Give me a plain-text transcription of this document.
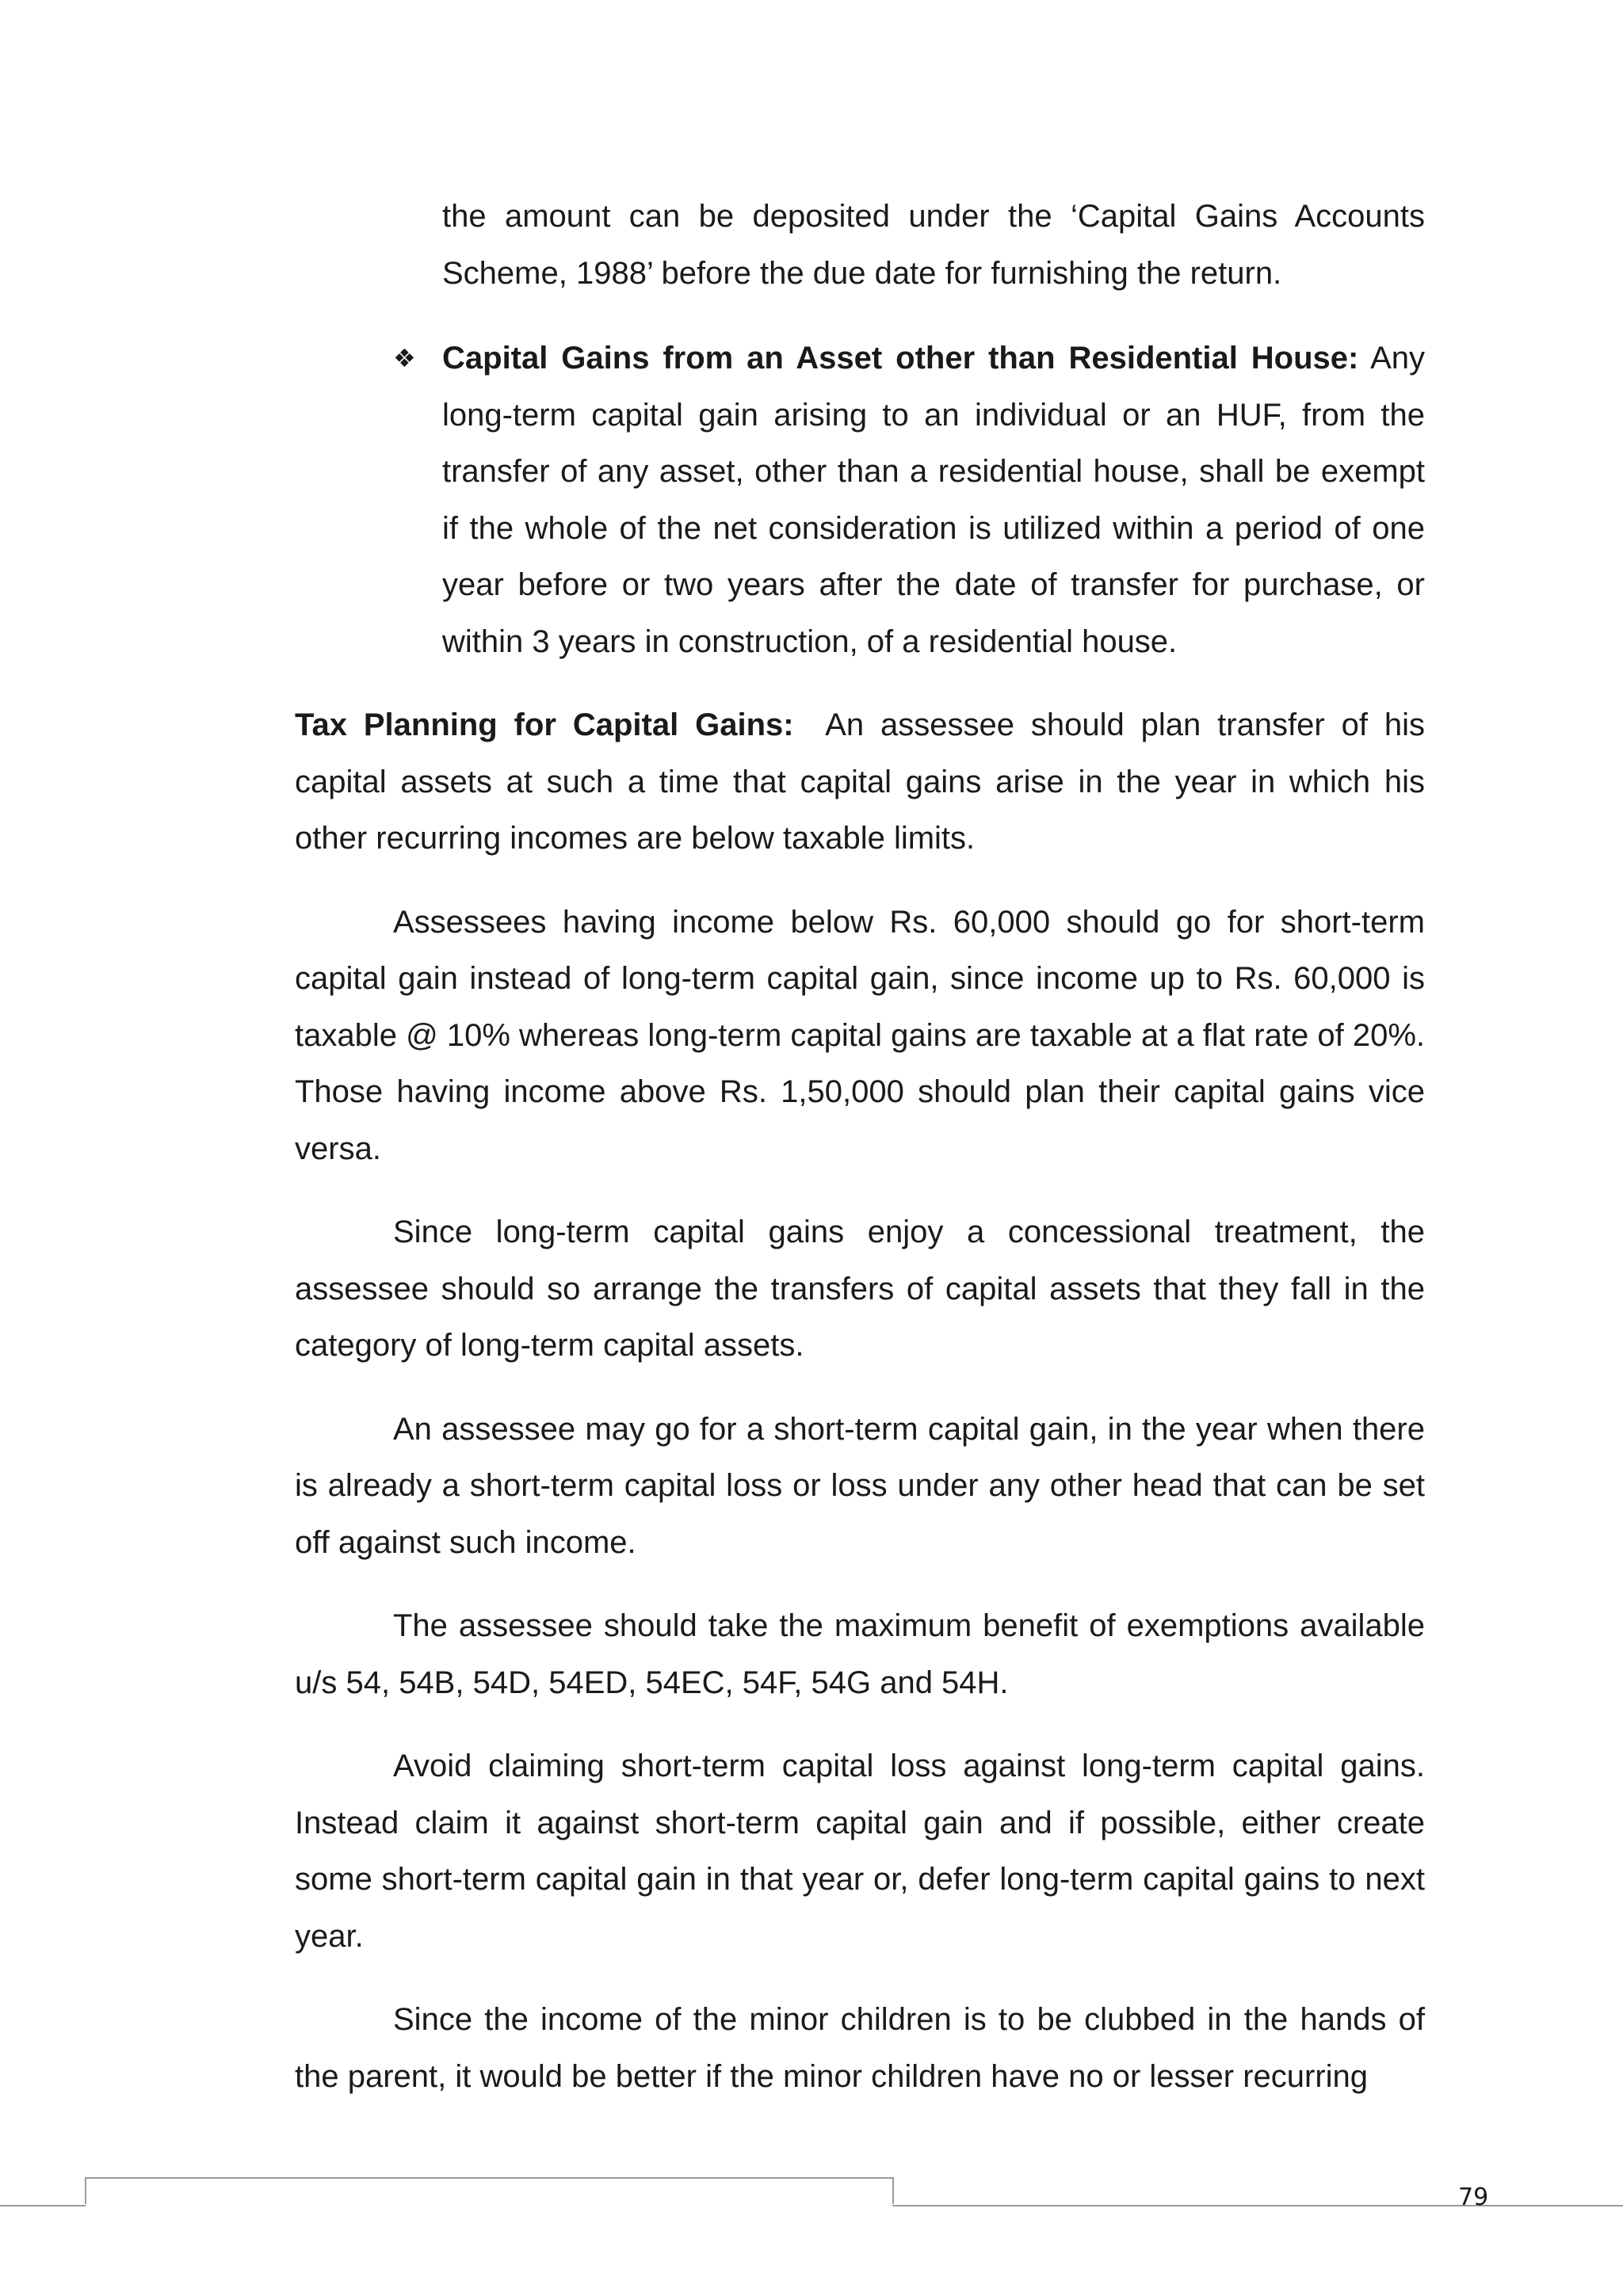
the amount can be deposited under the ‘Capital Gains Accounts Scheme, 1988’ before the due date for furnishing the return.

❖ Capital Gains from an Asset other than Residential House: Any long-term capital gain arising to an individual or an HUF, from the transfer of any asset, other than a residential house, shall be exempt if the whole of the net consideration is utilized within a period of one year before or two years after the date of transfer for purchase, or within 3 years in construction, of a residential house.

Tax Planning for Capital Gains:  An assessee should plan transfer of his capital assets at such a time that capital gains arise in the year in which his other recurring incomes are below taxable limits.

Assessees having income below Rs. 60,000 should go for short-term capital gain instead of long-term capital gain, since income up to Rs. 60,000 is taxable @ 10% whereas long-term capital gains are taxable at a flat rate of 20%. Those having income above Rs. 1,50,000 should plan their capital gains vice versa.

Since long-term capital gains enjoy a concessional treatment, the assessee should so arrange the transfers of capital assets that they fall in the category of long-term capital assets.

An assessee may go for a short-term capital gain, in the year when there is already a short-term capital loss or loss under any other head that can be set off against such income.

The assessee should take the maximum benefit of exemptions available u/s 54, 54B, 54D, 54ED, 54EC, 54F, 54G and 54H.

Avoid claiming short-term capital loss against long-term capital gains. Instead claim it against short-term capital gain and if possible, either create some short-term capital gain in that year or, defer long-term capital gains to next year.

Since the income of the minor children is to be clubbed in the hands of the parent, it would be better if the minor children have no or lesser recurring

79
